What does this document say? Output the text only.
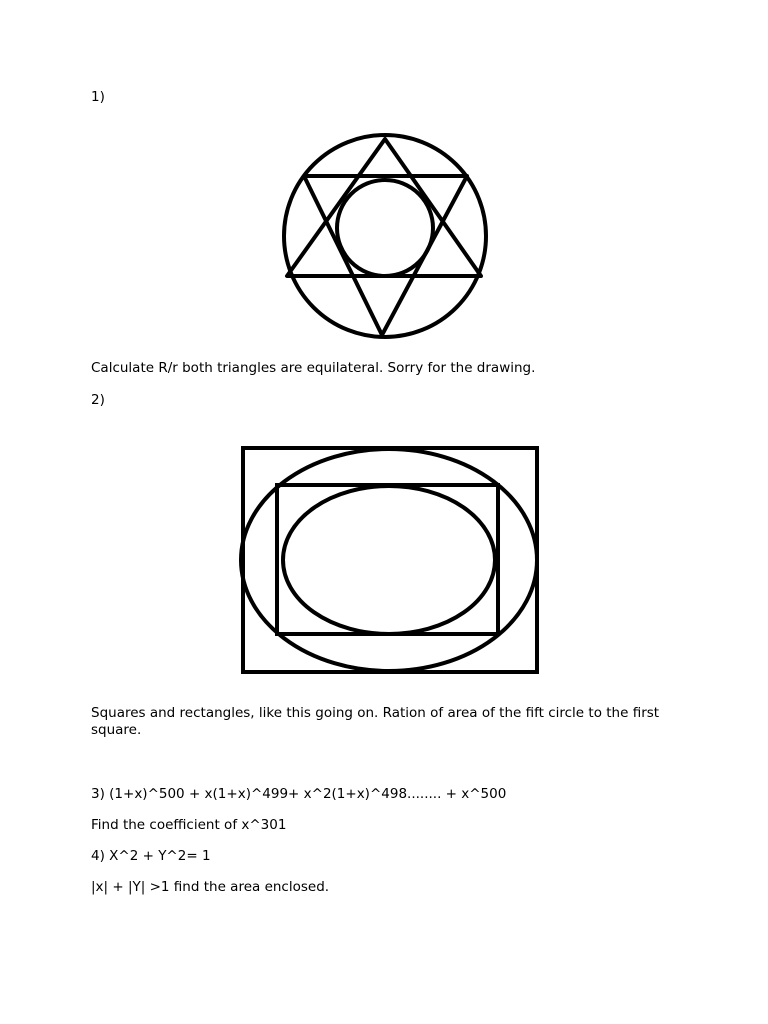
1)
Calculate R/r both triangles are equilateral. Sorry for the drawing.
2)
Squares and rectangles, like this going on. Ration of area of the fift circle to the first square.
3) (1+x)^500 + x(1+x)^499+ x^2(1+x)^498........ + x^500
Find the coefficient of x^301
4) X^2 + Y^2= 1
|x| + |Y| >1 find the area enclosed.
